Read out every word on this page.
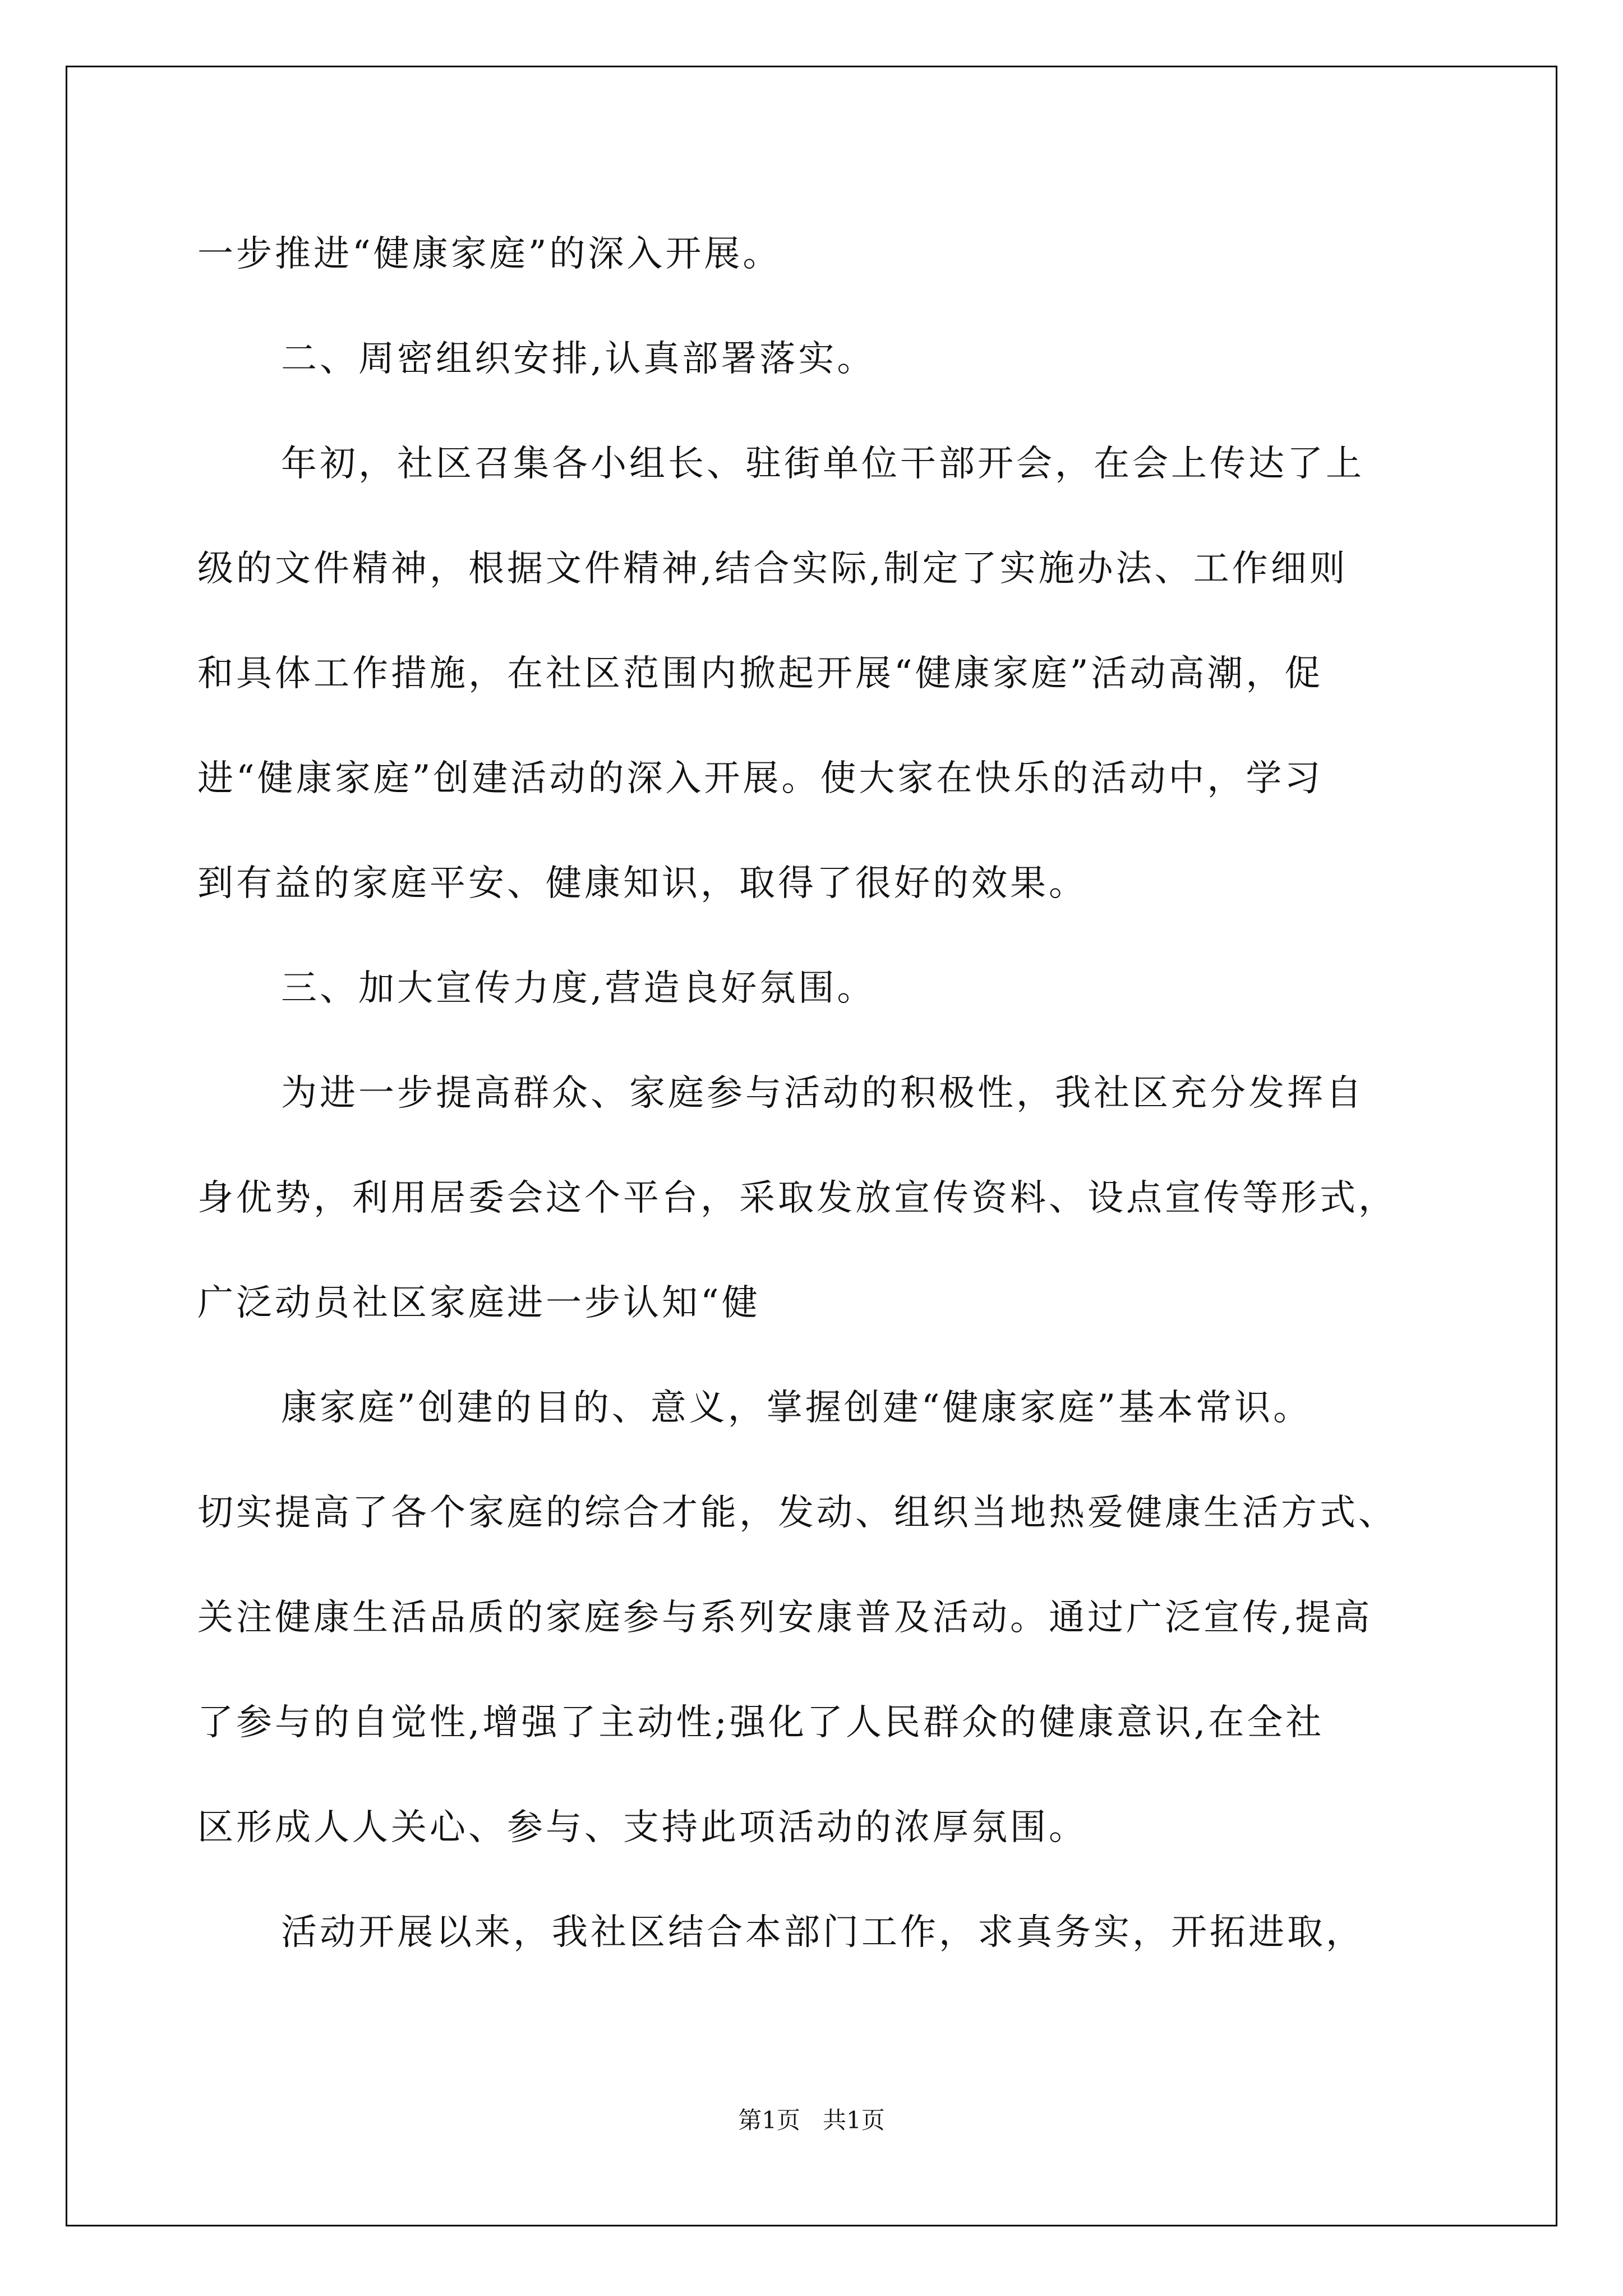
一步推进“健康家庭”的深入开展。
二、周密组织安排,认真部署落实。
年初，社区召集各小组长、驻街单位干部开会，在会上传达了上
级的文件精神，根据文件精神,结合实际,制定了实施办法、工作细则
和具体工作措施，在社区范围内掀起开展“健康家庭”活动高潮，促
进“健康家庭”创建活动的深入开展。使大家在快乐的活动中，学习
到有益的家庭平安、健康知识，取得了很好的效果。
三、加大宣传力度,营造良好氛围。
为进一步提高群众、家庭参与活动的积极性，我社区充分发挥自
身优势，利用居委会这个平台，采取发放宣传资料、设点宣传等形式，
广泛动员社区家庭进一步认知“健
康家庭”创建的目的、意义，掌握创建“健康家庭”基本常识。
切实提高了各个家庭的综合才能，发动、组织当地热爱健康生活方式、
关注健康生活品质的家庭参与系列安康普及活动。通过广泛宣传,提高
了参与的自觉性,增强了主动性;强化了人民群众的健康意识,在全社
区形成人人关心、参与、支持此项活动的浓厚氛围。
活动开展以来，我社区结合本部门工作，求真务实，开拓进取，
第1页   共1页
